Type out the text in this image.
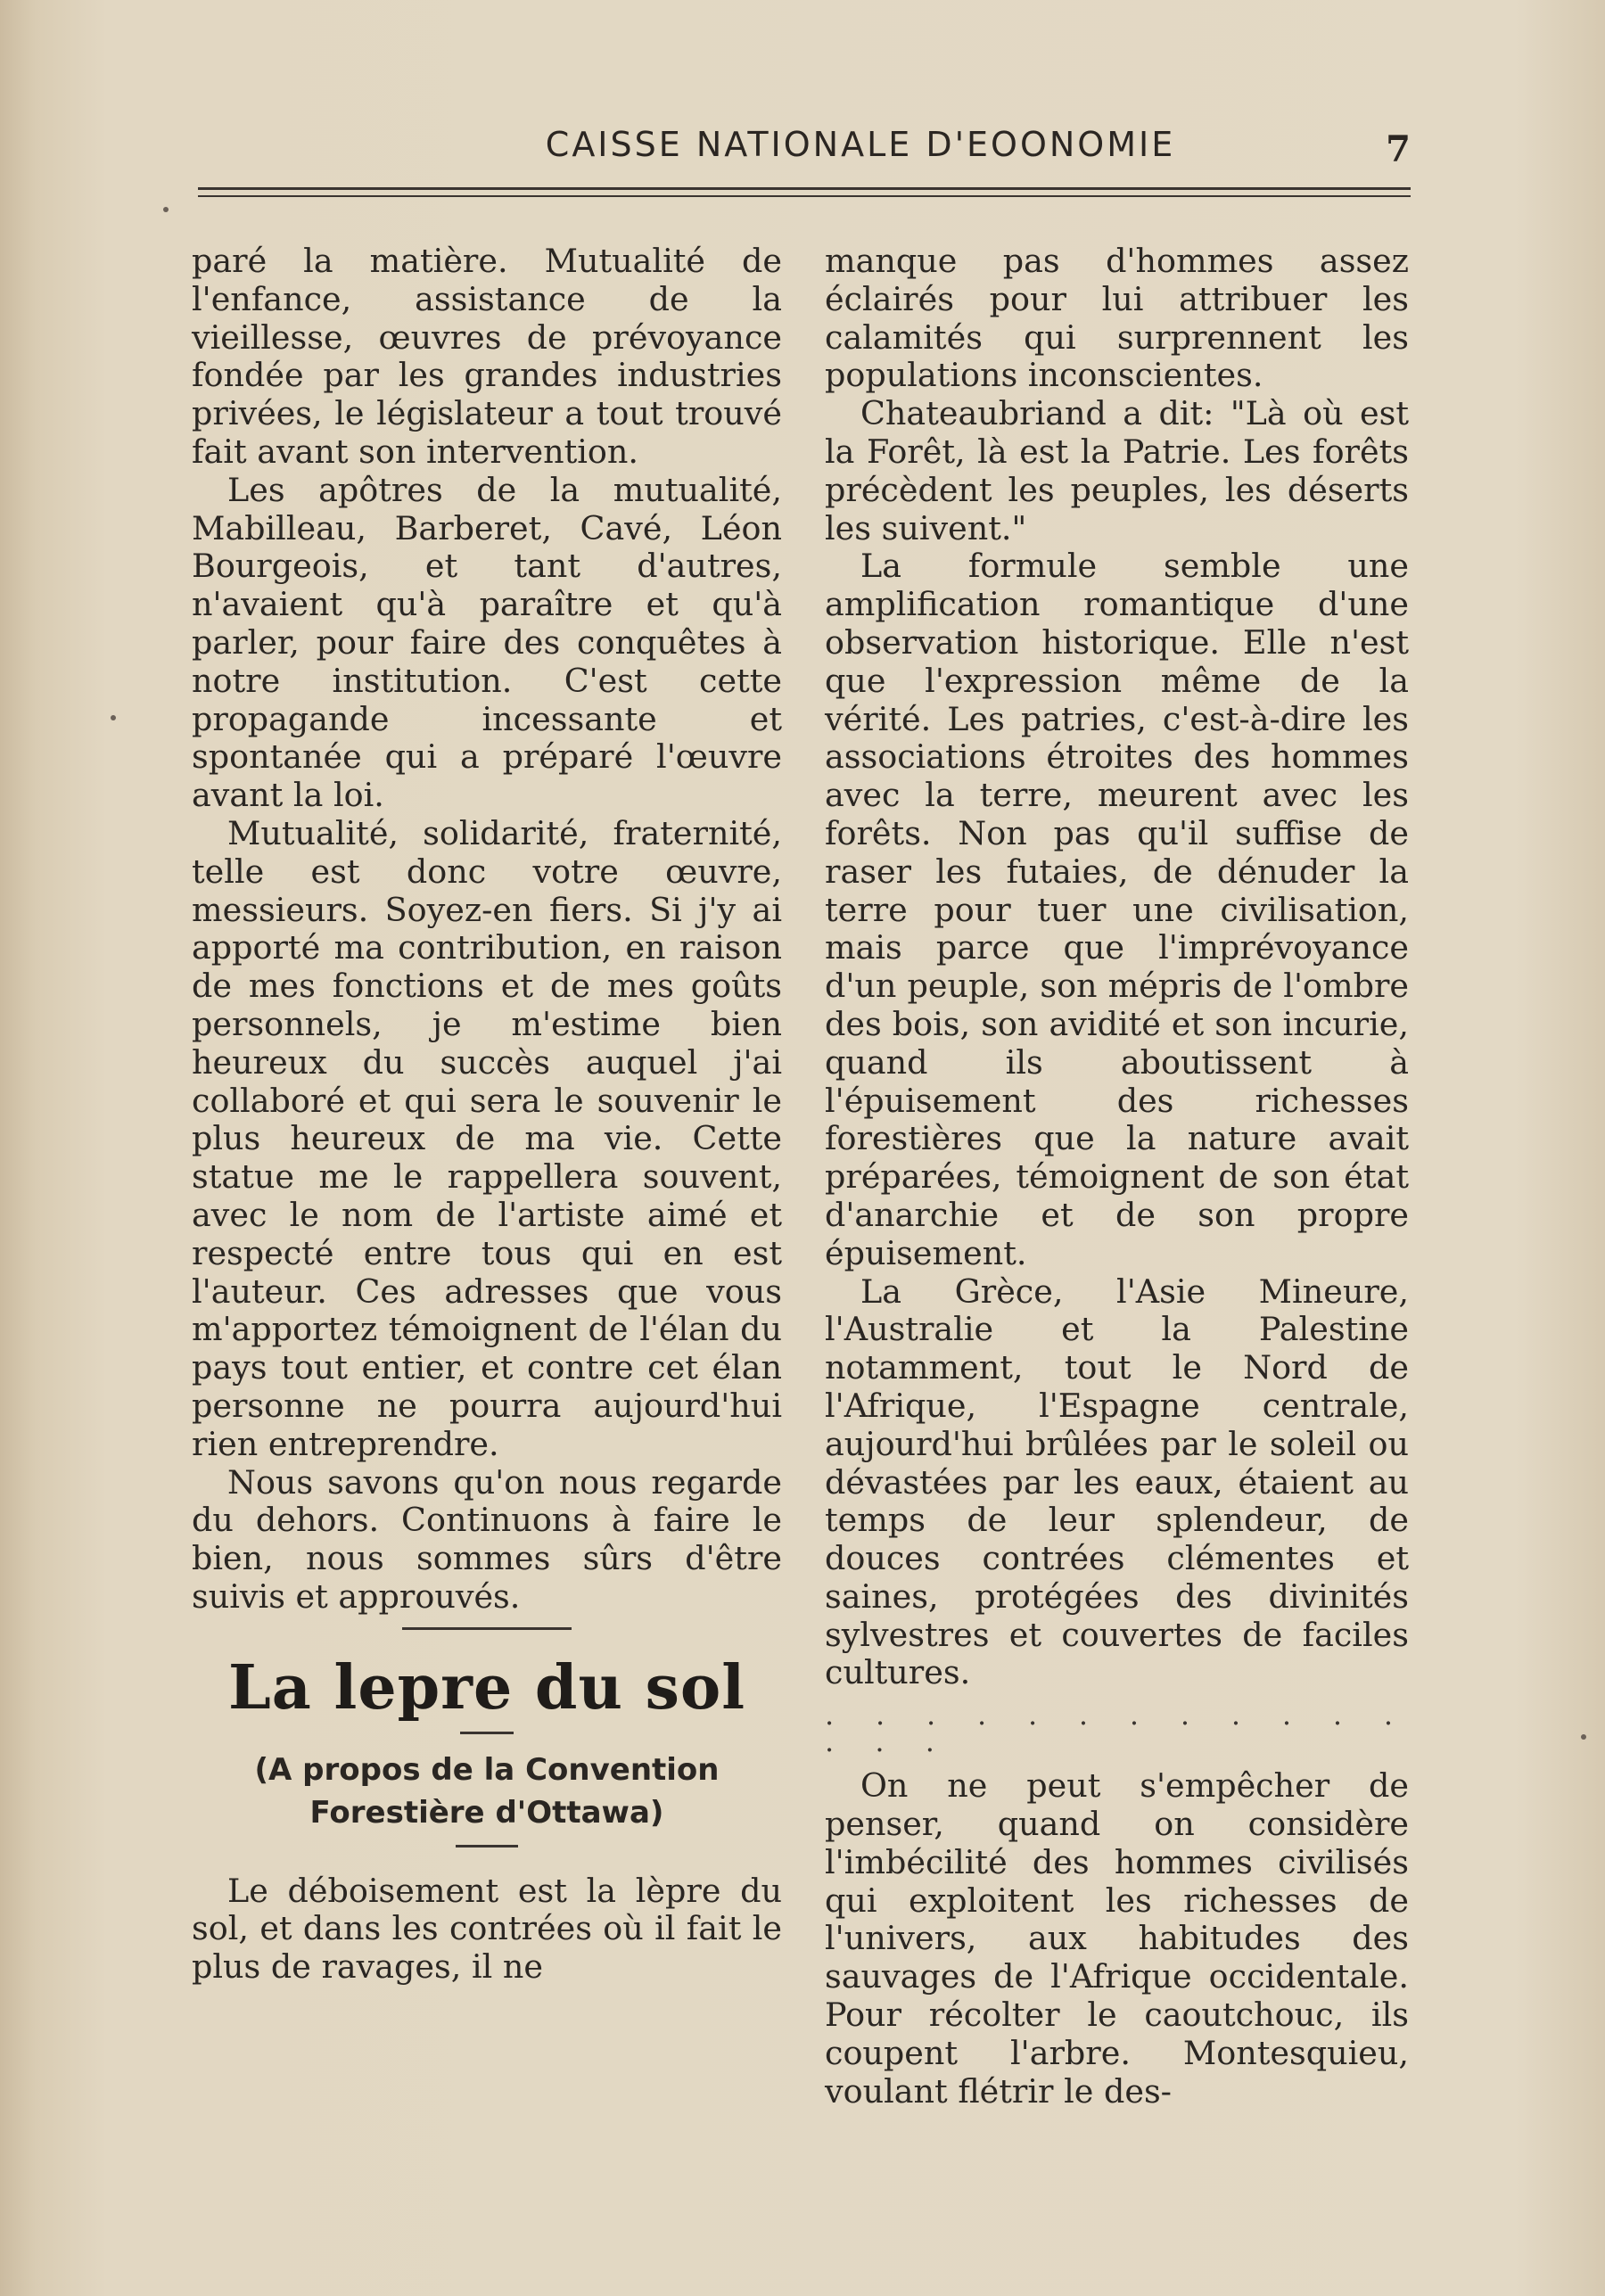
CAISSE NATIONALE D'EOONOMIE	7

paré la matière. Mutualité de l'enfance, assistance de la vieillesse, œuvres de prévoyance fondée par les grandes industries privées, le législateur a tout trouvé fait avant son intervention.

Les apôtres de la mutualité, Mabilleau, Barberet, Cavé, Léon Bourgeois, et tant d'autres, n'avaient qu'à paraître et qu'à parler, pour faire des conquêtes à notre institution. C'est cette propagande incessante et spontanée qui a préparé l'œuvre avant la loi.

Mutualité, solidarité, fraternité, telle est donc votre œuvre, messieurs. Soyez-en fiers. Si j'y ai apporté ma contribution, en raison de mes fonctions et de mes goûts personnels, je m'estime bien heureux du succès auquel j'ai collaboré et qui sera le souvenir le plus heureux de ma vie. Cette statue me le rappellera souvent, avec le nom de l'artiste aimé et respecté entre tous qui en est l'auteur. Ces adresses que vous m'apportez témoignent de l'élan du pays tout entier, et contre cet élan personne ne pourra aujourd'hui rien entreprendre.

Nous savons qu'on nous regarde du dehors. Continuons à faire le bien, nous sommes sûrs d'être suivis et approuvés.

La lepre du sol
(A propos de la Convention Forestière d'Ottawa)

Le déboisement est la lèpre du sol, et dans les contrées où il fait le plus de ravages, il ne

manque pas d'hommes assez éclairés pour lui attribuer les calamités qui surprennent les populations inconscientes.

Chateaubriand a dit: "Là où est la Forêt, là est la Patrie. Les forêts précèdent les peuples, les déserts les suivent."

La formule semble une amplification romantique d'une observation historique. Elle n'est que l'expression même de la vérité. Les patries, c'est-à-dire les associations étroites des hommes avec la terre, meurent avec les forêts. Non pas qu'il suffise de raser les futaies, de dénuder la terre pour tuer une civilisation, mais parce que l'imprévoyance d'un peuple, son mépris de l'ombre des bois, son avidité et son incurie, quand ils aboutissent à l'épuisement des richesses forestières que la nature avait préparées, témoignent de son état d'anarchie et de son propre épuisement.

La Grèce, l'Asie Mineure, l'Australie et la Palestine notamment, tout le Nord de l'Afrique, l'Espagne centrale, aujourd'hui brûlées par le soleil ou dévastées par les eaux, étaient au temps de leur splendeur, de douces contrées clémentes et saines, protégées des divinités sylvestres et couvertes de faciles cultures.

. . . . . . . . . . . . . . .

On ne peut s'empêcher de penser, quand on considère l'imbécilité des hommes civilisés qui exploitent les richesses de l'univers, aux habitudes des sauvages de l'Afrique occidentale. Pour récolter le caoutchouc, ils coupent l'arbre. Montesquieu, voulant flétrir le des-
